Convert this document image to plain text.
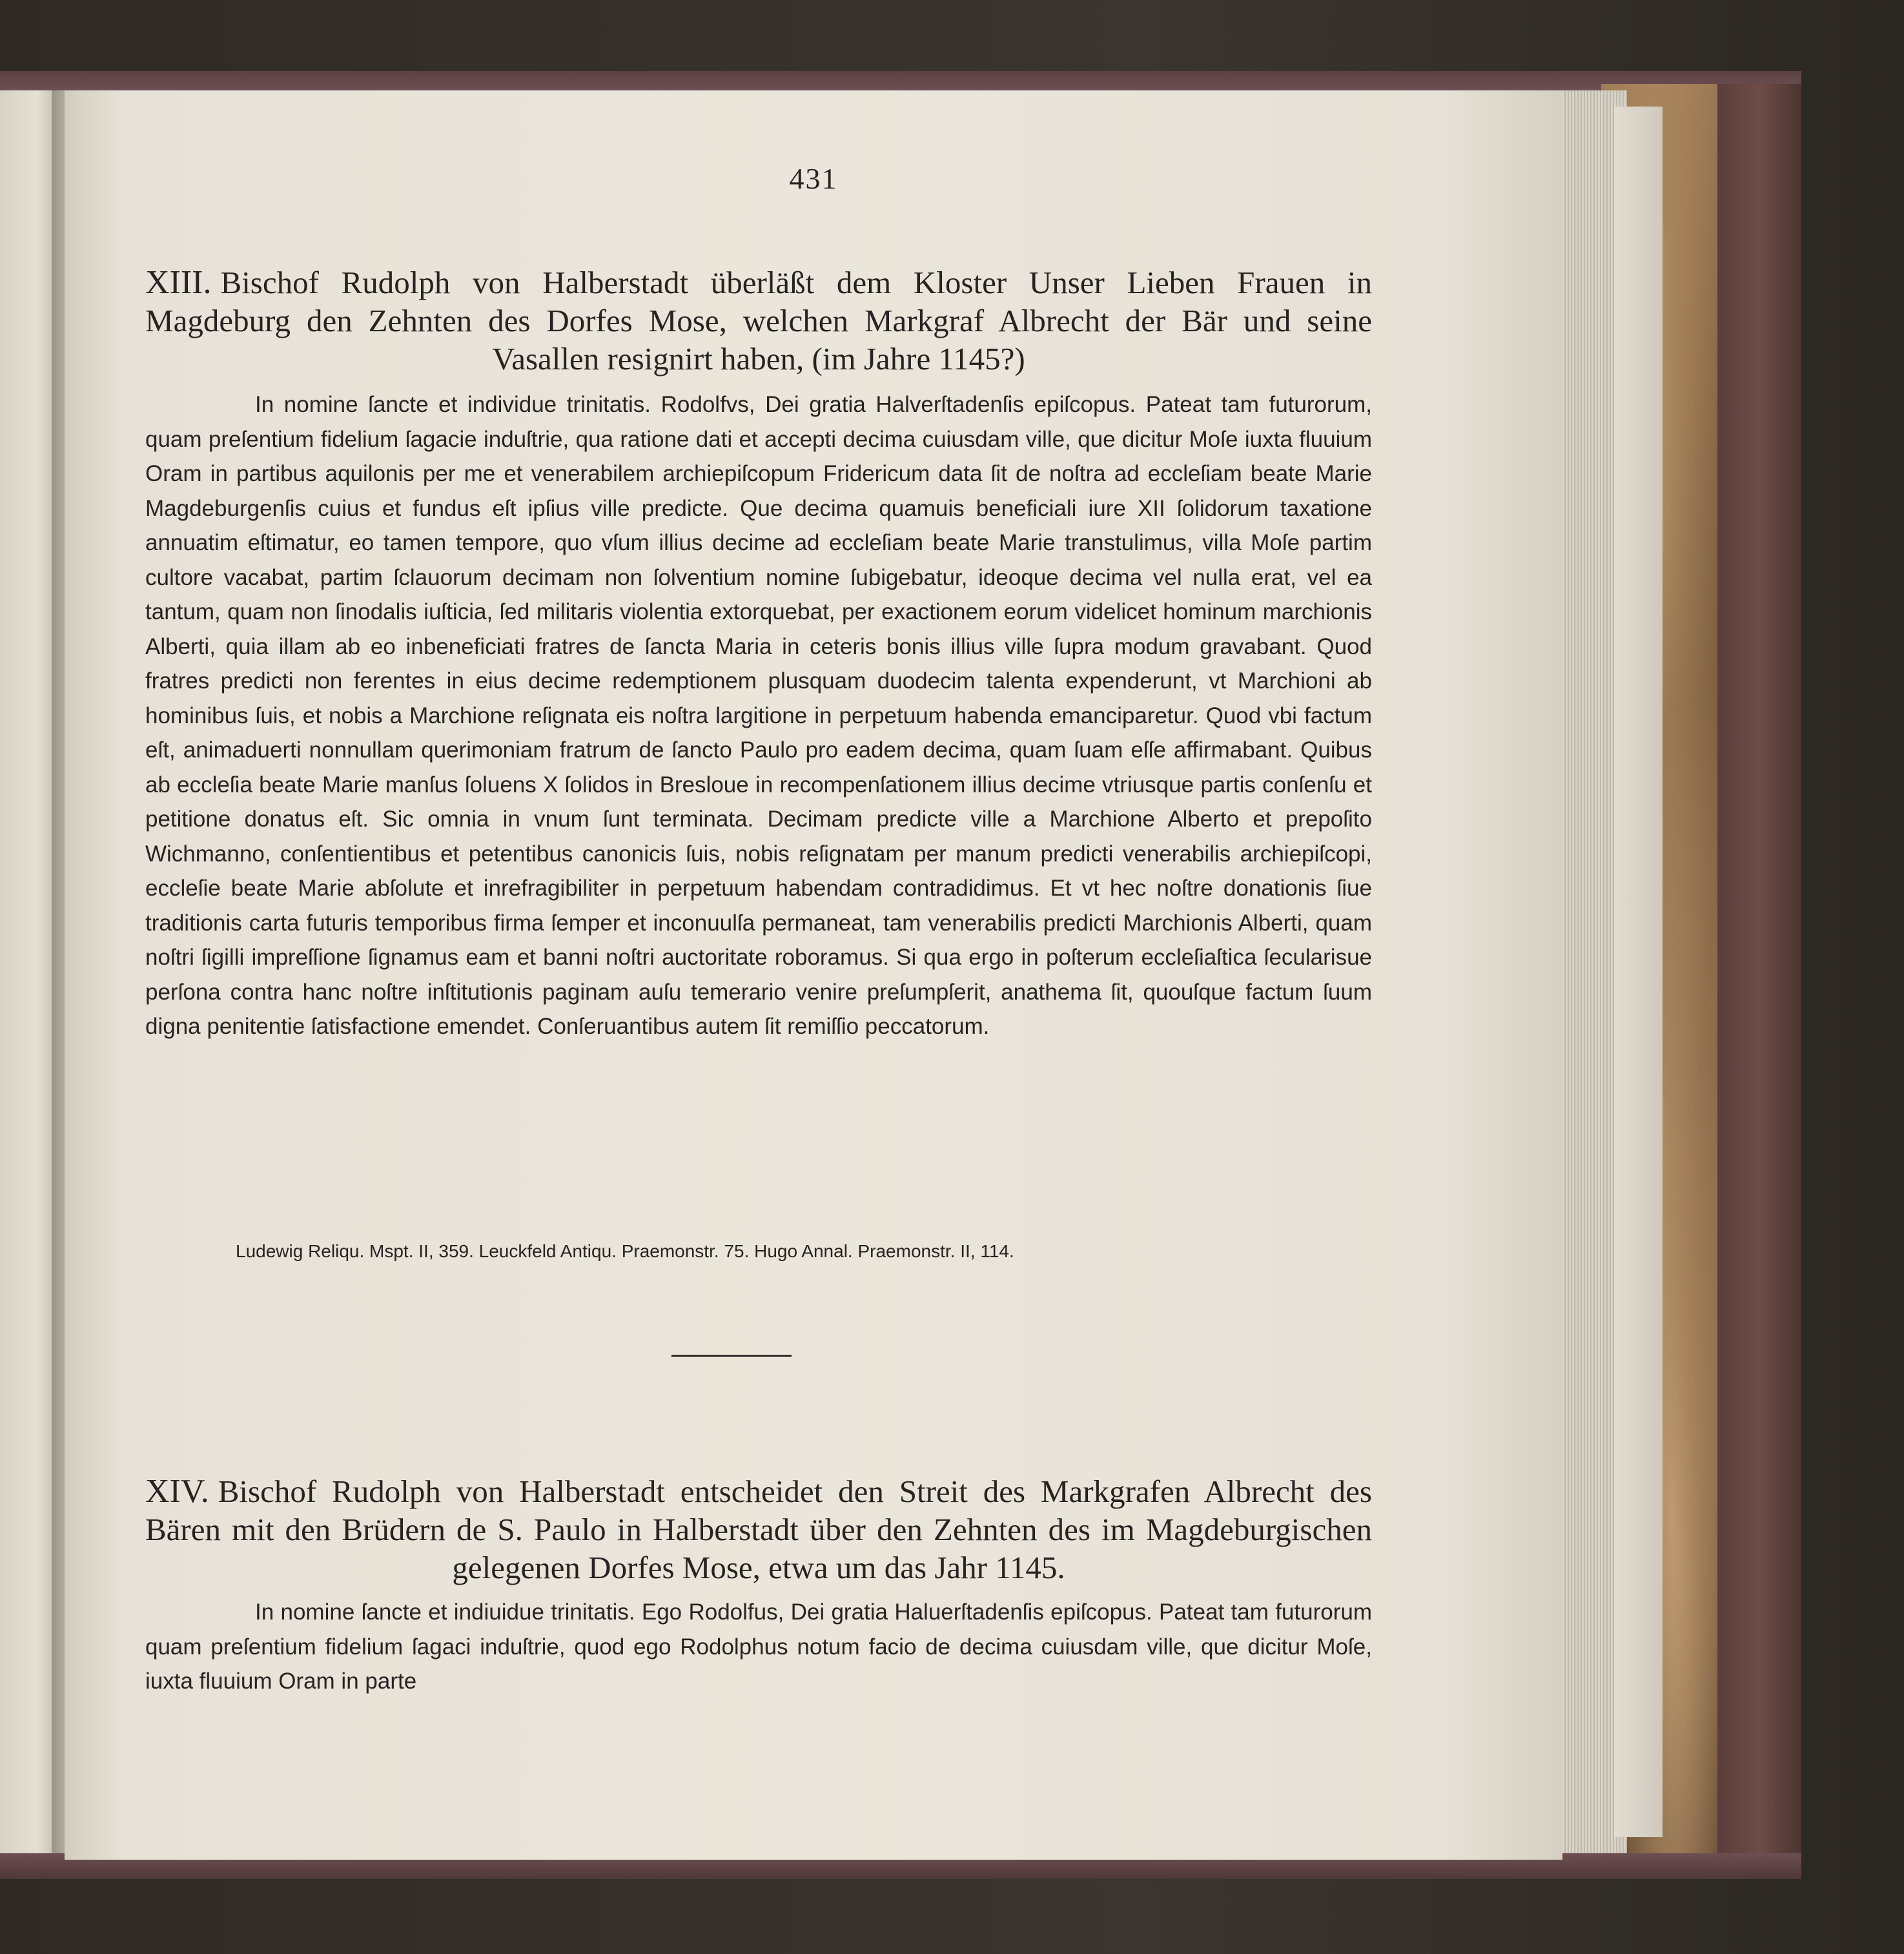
431
XIII. Bischof Rudolph von Halberstadt überläßt dem Kloster Unser Lieben Frauen in Magdeburg den Zehnten des Dorfes Mose, welchen Markgraf Albrecht der Bär und seine Vasallen resignirt haben, (im Jahre 1145?)
In nomine ſancte et individue trinitatis. Rodolfvs, Dei gratia Halverſtadenſis epiſcopus. Pateat tam futurorum, quam preſentium fidelium ſagacie induſtrie, qua ratione dati et accepti decima cuiusdam ville, que dicitur Moſe iuxta fluuium Oram in partibus aquilonis per me et venerabilem archiepiſcopum Fridericum data ſit de noſtra ad eccleſiam beate Marie Magdeburgenſis cuius et fundus eſt ipſius ville predicte. Que decima quamuis beneficiali iure XII ſolidorum taxatione annuatim eſtimatur, eo tamen tempore, quo vſum illius decime ad eccleſiam beate Marie transtulimus, villa Moſe partim cultore vacabat, partim ſclauorum decimam non ſolventium nomine ſubigebatur, ideoque decima vel nulla erat, vel ea tantum, quam non ſinodalis iuſticia, ſed militaris violentia extorquebat, per exactionem eorum videlicet hominum marchionis Alberti, quia illam ab eo inbeneficiati fratres de ſancta Maria in ceteris bonis illius ville ſupra modum gravabant. Quod fratres predicti non ferentes in eius decime redemptionem plusquam duodecim talenta expenderunt, vt Marchioni ab hominibus ſuis, et nobis a Marchione reſignata eis noſtra largitione in perpetuum habenda emanciparetur. Quod vbi factum eſt, animaduerti nonnullam querimoniam fratrum de ſancto Paulo pro eadem decima, quam ſuam eſſe affirmabant. Quibus ab eccleſia beate Marie manſus ſoluens X ſolidos in Bresloue in recompenſationem illius decime vtriusque partis conſenſu et petitione donatus eſt. Sic omnia in vnum ſunt terminata. Decimam predicte ville a Marchione Alberto et prepoſito Wichmanno, conſentientibus et petentibus canonicis ſuis, nobis reſignatam per manum predicti venerabilis archiepiſcopi, eccleſie beate Marie abſolute et inrefragibiliter in perpetuum habendam contradidimus. Et vt hec noſtre donationis ſiue traditionis carta futuris temporibus firma ſemper et inconuulſa permaneat, tam venerabilis predicti Marchionis Alberti, quam noſtri ſigilli impreſſione ſignamus eam et banni noſtri auctoritate roboramus. Si qua ergo in poſterum eccleſiaſtica ſecularisue perſona contra hanc noſtre inſtitutionis paginam auſu temerario venire preſumpſerit, anathema ſit, quouſque factum ſuum digna penitentie ſatisfactione emendet. Conſeruantibus autem ſit remiſſio peccatorum.
Ludewig Reliqu. Mspt. II, 359. Leuckfeld Antiqu. Praemonstr. 75. Hugo Annal. Praemonstr. II, 114.
XIV. Bischof Rudolph von Halberstadt entscheidet den Streit des Markgrafen Albrecht des Bären mit den Brüdern de S. Paulo in Halberstadt über den Zehnten des im Magdeburgischen gelegenen Dorfes Mose, etwa um das Jahr 1145.
In nomine ſancte et indiuidue trinitatis. Ego Rodolfus, Dei gratia Haluerſtadenſis epiſcopus. Pateat tam futurorum quam preſentium fidelium ſagaci induſtrie, quod ego Rodolphus notum facio de decima cuiusdam ville, que dicitur Moſe, iuxta fluuium Oram in parte
